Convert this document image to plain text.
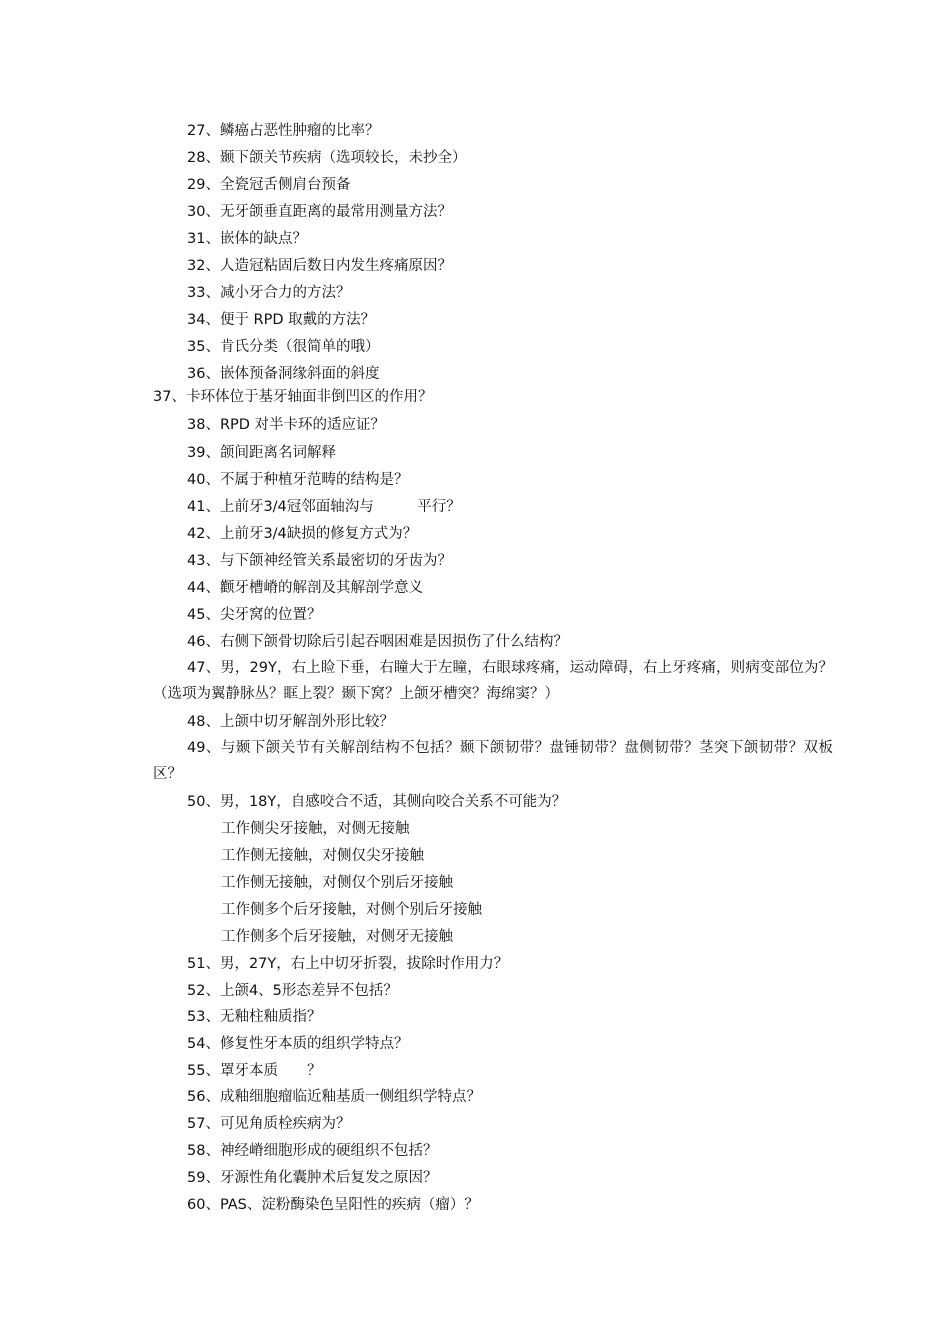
27、鳞癌占恶性肿瘤的比率？
28、颞下颌关节疾病（选项较长，未抄全）
29、全瓷冠舌侧肩台预备
30、无牙颌垂直距离的最常用测量方法？
31、嵌体的缺点？
32、人造冠粘固后数日内发生疼痛原因？
33、减小牙合力的方法？
34、便于 RPD 取戴的方法？
35、肯氏分类（很简单的哦）
36、嵌体预备洞缘斜面的斜度
37、卡环体位于基牙轴面非倒凹区的作用？
38、RPD 对半卡环的适应证？
39、颌间距离名词解释
40、不属于种植牙范畴的结构是？
41、上前牙3/4冠邻面轴沟与　　　平行？
42、上前牙3/4缺损的修复方式为？
43、与下颌神经管关系最密切的牙齿为？
44、颧牙槽嵴的解剖及其解剖学意义
45、尖牙窝的位置？
46、右侧下颌骨切除后引起吞咽困难是因损伤了什么结构？
47、男，29Y，右上睑下垂，右瞳大于左瞳，右眼球疼痛，运动障碍，右上牙疼痛，则病变部位为？（选项为翼静脉丛？眶上裂？颞下窝？上颌牙槽突？海绵窦？）
48、上颌中切牙解剖外形比较？
49、与颞下颌关节有关解剖结构不包括？颞下颌韧带？盘锤韧带？盘侧韧带？茎突下颌韧带？双板区？
50、男，18Y，自感咬合不适，其侧向咬合关系不可能为？
工作侧尖牙接触，对侧无接触
工作侧无接触，对侧仅尖牙接触
工作侧无接触，对侧仅个别后牙接触
工作侧多个后牙接触，对侧个别后牙接触
工作侧多个后牙接触，对侧牙无接触
51、男，27Y，右上中切牙折裂，拔除时作用力？
52、上颌4、5形态差异不包括？
53、无釉柱釉质指？
54、修复性牙本质的组织学特点？
55、罩牙本质　　？
56、成釉细胞瘤临近釉基质一侧组织学特点？
57、可见角质栓疾病为？
58、神经嵴细胞形成的硬组织不包括？
59、牙源性角化囊肿术后复发之原因？
60、PAS、淀粉酶染色呈阳性的疾病（瘤）？
